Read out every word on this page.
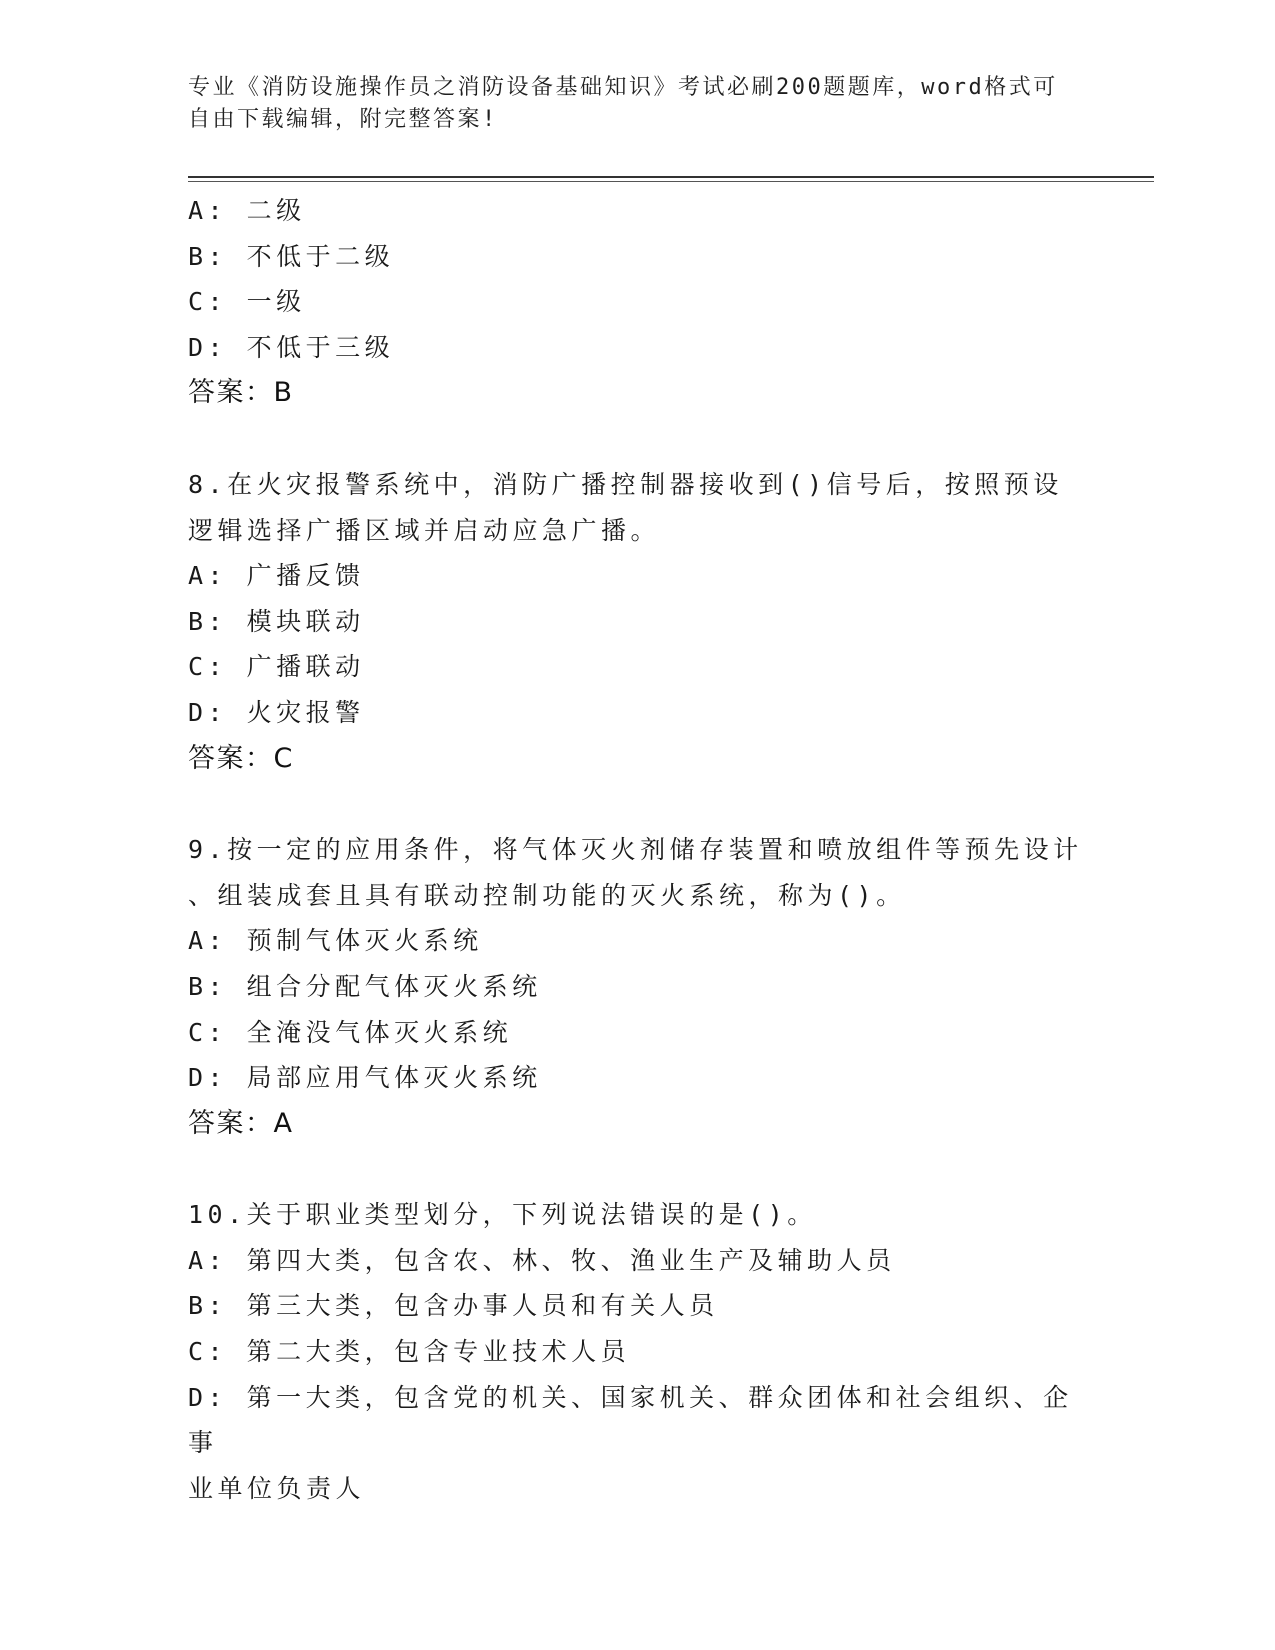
专业《消防设施操作员之消防设备基础知识》考试必刷200题题库，word格式可
自由下载编辑，附完整答案!
A: 二级
B: 不低于二级
C: 一级
D: 不低于三级
答案：B
8.在火灾报警系统中，消防广播控制器接收到()信号后，按照预设
逻辑选择广播区域并启动应急广播。
A: 广播反馈
B: 模块联动
C: 广播联动
D: 火灾报警
答案：C
9.按一定的应用条件，将气体灭火剂储存装置和喷放组件等预先设计
、组装成套且具有联动控制功能的灭火系统，称为()。
A: 预制气体灭火系统
B: 组合分配气体灭火系统
C: 全淹没气体灭火系统
D: 局部应用气体灭火系统
答案：A
10.关于职业类型划分，下列说法错误的是()。
A: 第四大类，包含农、林、牧、渔业生产及辅助人员
B: 第三大类，包含办事人员和有关人员
C: 第二大类，包含专业技术人员
D: 第一大类，包含党的机关、国家机关、群众团体和社会组织、企事
业单位负责人
